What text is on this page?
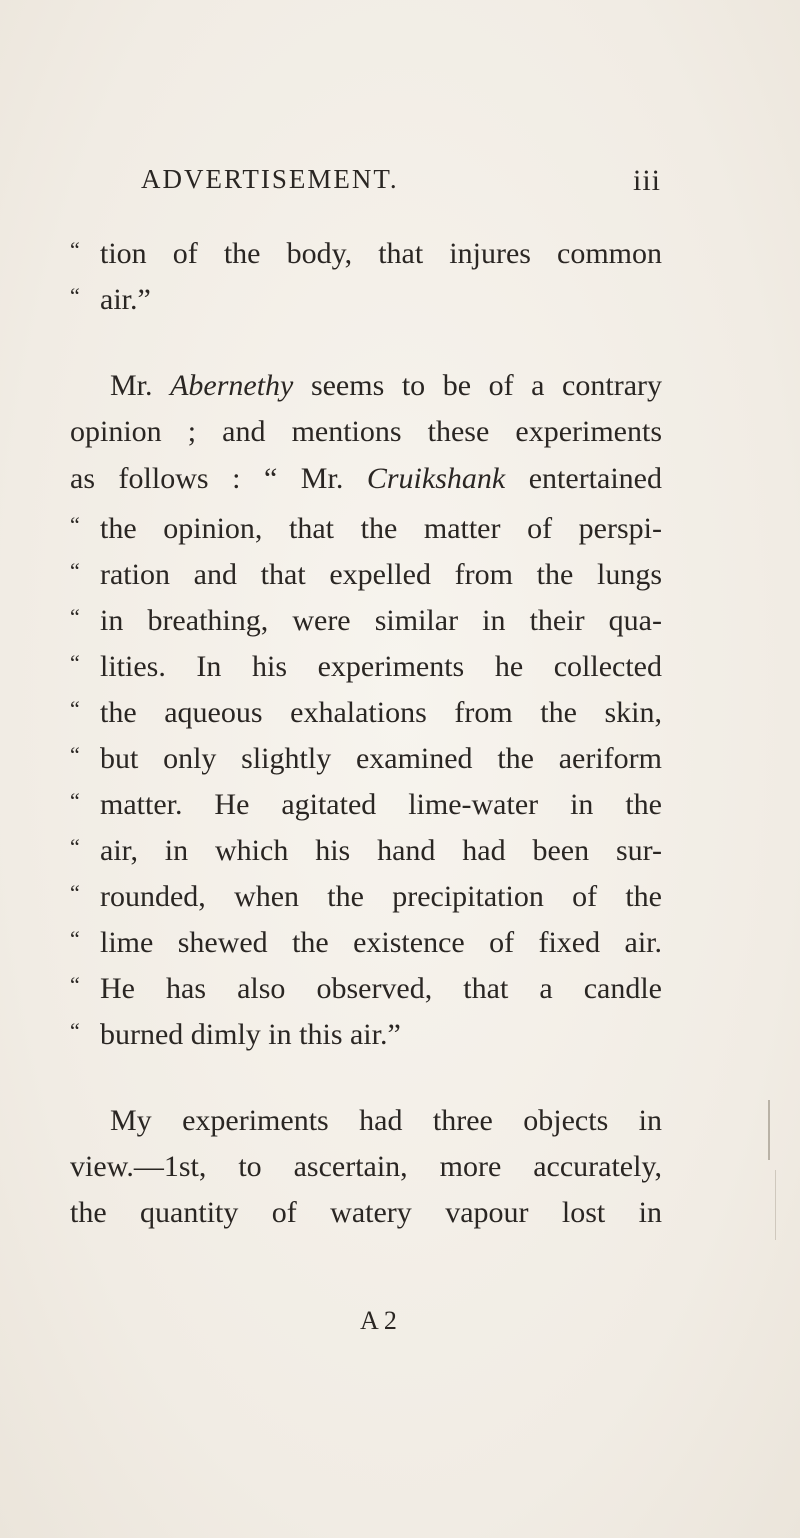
ADVERTISEMENT.	iii
“ tion of the body, that injures common
“ air.”
Mr. Abernethy seems to be of a contrary
opinion ; and mentions these experiments
as follows : “ Mr. Cruikshank entertained
“ the opinion, that the matter of perspi-
“ ration and that expelled from the lungs
“ in breathing, were similar in their qua-
“ lities. In his experiments he collected
“ the aqueous exhalations from the skin,
“ but only slightly examined the aeriform
“ matter. He agitated lime-water in the
“ air, in which his hand had been sur-
“ rounded, when the precipitation of the
“ lime shewed the existence of fixed air.
“ He has also observed, that a candle
“ burned dimly in this air.”
My experiments had three objects in
view.—1st, to ascertain, more accurately,
the quantity of watery vapour lost in
A 2
